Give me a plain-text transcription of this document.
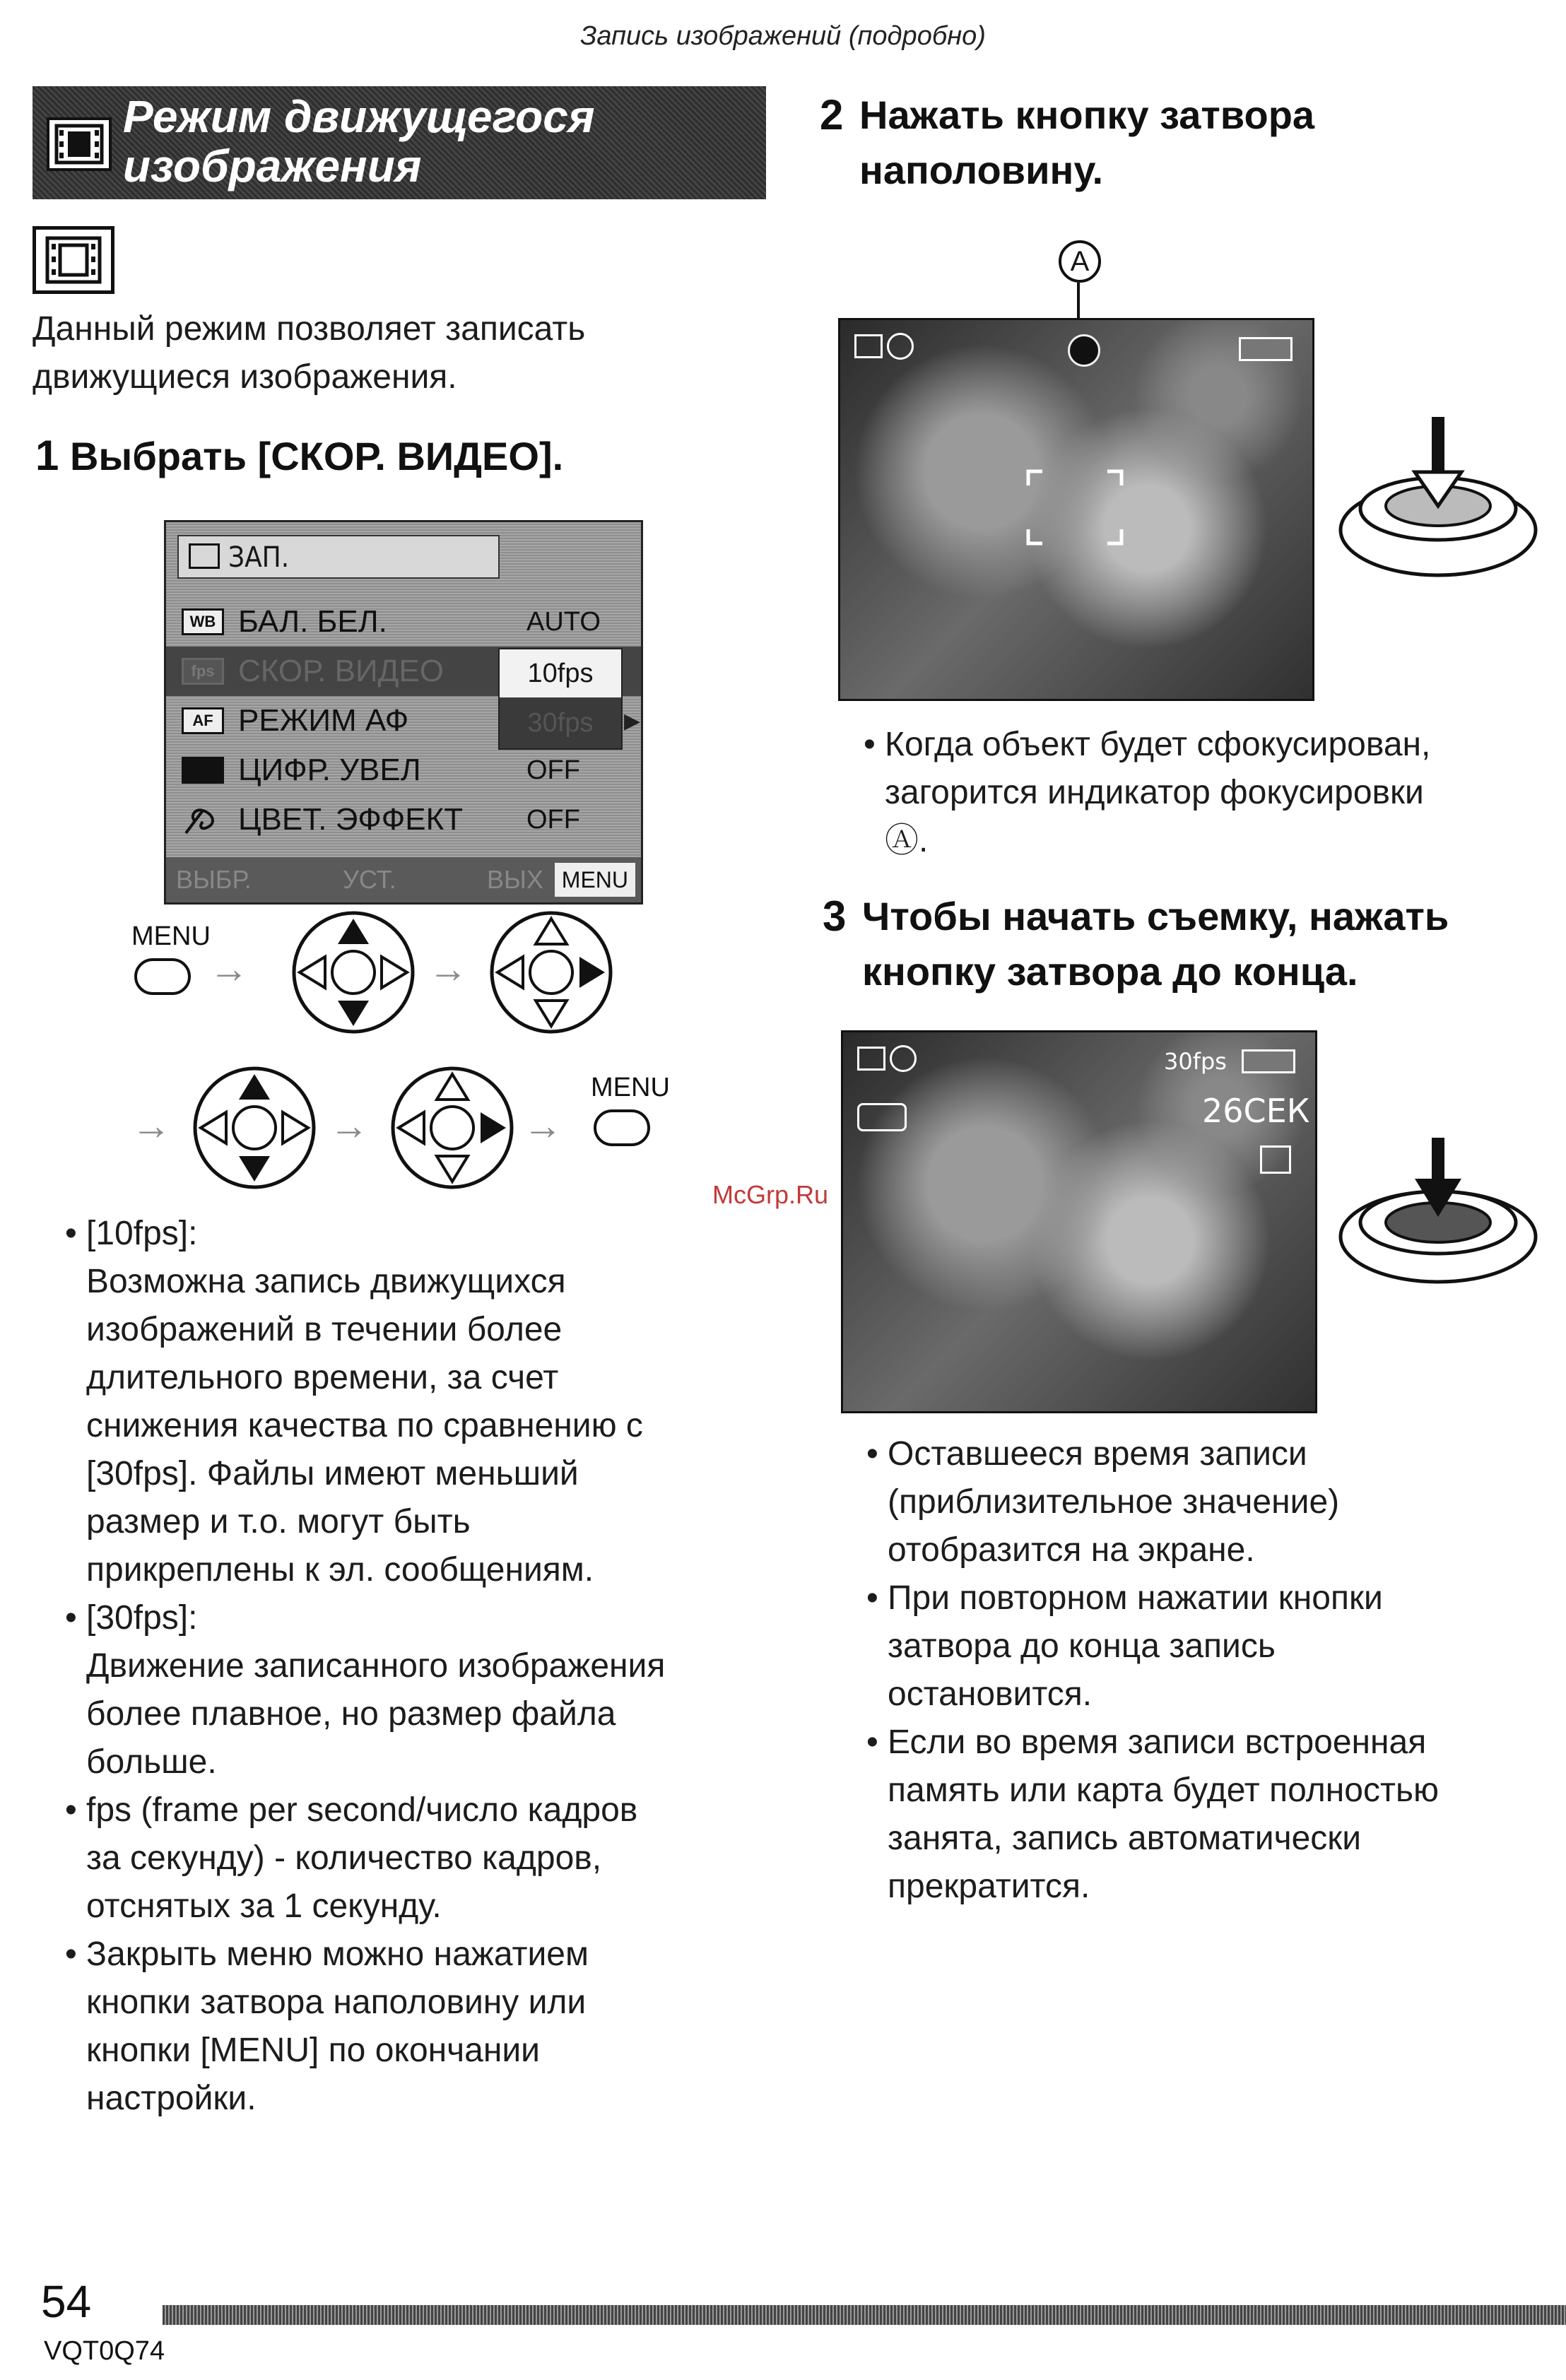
Запись изображений (подробно)
Режим движущегося
изображения
Данный режим позволяет записать
движущиеся изображения.
1 Выбрать [СКОР. ВИДЕО].
ЗАП.
WB БАЛ. БЕЛ.	AUTO
fps СКОР. ВИДЕО
AF РЕЖИМ АФ
ЦИФР. УВЕЛ	OFF
ЦВЕТ. ЭФФЕКТ OFF
10fps
30fps	▶
ВЫБР.	УСТ.	ВЫХ MENU
MENU
→	→
→	→	→
MENU
• [10fps]:
Возможна запись движущихся
изображений в течении более
длительного времени, за счет
снижения качества по сравнению с
[30fps]. Файлы имеют меньший
размер и т.о. могут быть
прикреплены к эл. сообщениям.
• [30fps]:
Движение записанного изображения
более плавное, но размер файла
больше.
• fps (frame per second/число кадров
за секунду) - количество кадров,
отснятых за 1 секунду.
• Закрыть меню можно нажатием
кнопки затвора наполовину или
кнопки [MENU] по окончании
настройки.
2 Нажать кнопку затвора
наполовину.
A
• Когда объект будет сфокусирован,
загорится индикатор фокусировки
Ⓐ.
3 Чтобы начать съемку, нажать
кнопку затвора до конца.
30fps
26СЕК
• Оставшееся время записи
(приблизительное значение)
отобразится на экране.
• При повторном нажатии кнопки
затвора до конца запись
остановится.
• Если во время записи встроенная
память или карта будет полностью
занята, запись автоматически
прекратится.
McGrp.Ru
54
VQT0Q74
